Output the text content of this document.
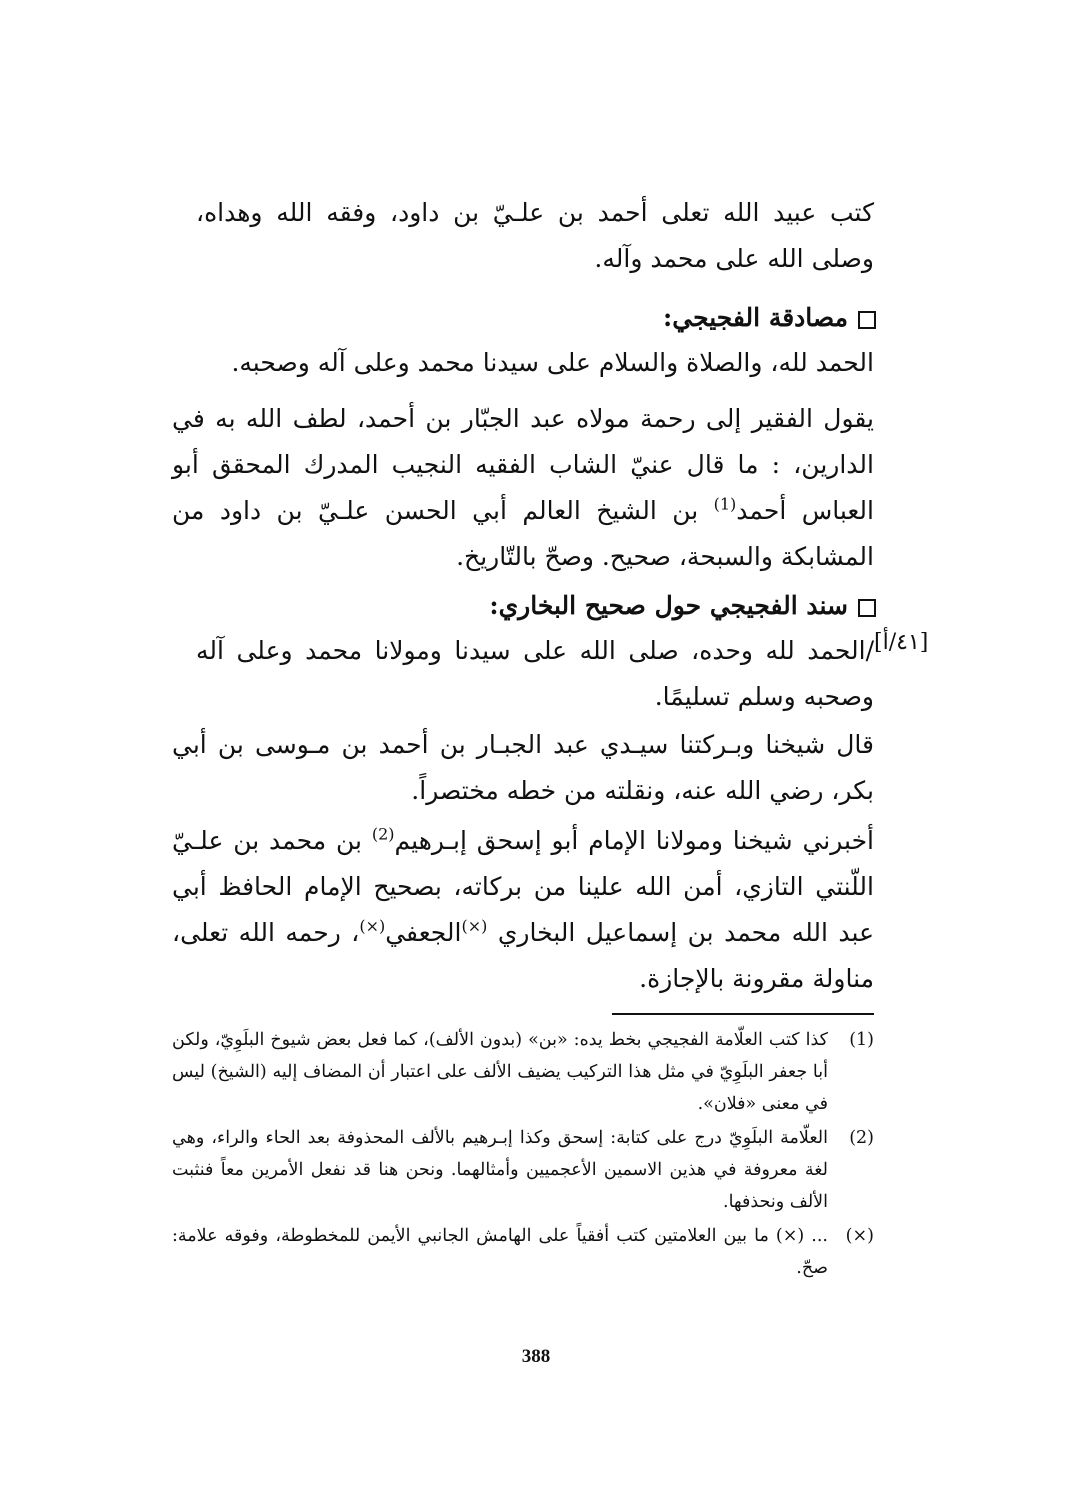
كتب عبيد الله تعلى أحمد بن علـيّ بن داود، وفقه الله وهداه، وصلى الله على محمد وآله.

مصادقة الفجيجي:

الحمد لله، والصلاة والسلام على سيدنا محمد وعلى آله وصحبه.

يقول الفقير إلى رحمة مولاه عبد الجبّار بن أحمد، لطف الله به في الدارين، : ما قال عنيّ الشاب الفقيه النجيب المدرك المحقق أبو العباس أحمد$^{(1)}$ بن الشيخ العالم أبي الحسن علـيّ بن داود من المشابكة والسبحة، صحيح. وصحّ بالتّاريخ.

سند الفجيجي حول صحيح البخاري:
[٤١/أ]

/الحمد لله وحده، صلى الله على سيدنا ومولانا محمد وعلى آله وصحبه وسلم تسليمًا.

قال شيخنا وبـركتنا سيـدي عبد الجبـار بن أحمد بن مـوسى بن أبي بكر، رضي الله عنه، ونقلته من خطه مختصراً.

أخبرني شيخنا ومولانا الإمام أبو إسحق إبـرهيم$^{(2)}$ بن محمد بن علـيّ اللّنتي التازي، أمن الله علينا من بركاته، بصحيح الإمام الحافظ أبي عبد الله محمد بن إسماعيل البخاري (×)الجعفي(×)، رحمه الله تعلى، مناولة مقرونة بالإجازة.

(1)
كذا كتب العلّامة الفجيجي بخط يده: «بن» (بدون الألف)، كما فعل بعض شيوخ البلَوِيّ، ولكن أبا جعفر البلَوِيّ في مثل هذا التركيب يضيف الألف على اعتبار أن المضاف إليه (الشيخ) ليس في معنى «فلان».
(2)
العلّامة البلَوِيّ درج على كتابة: إسحق وكذا إبـرهيم بالألف المحذوفة بعد الحاء والراء، وهي لغة معروفة في هذين الاسمين الأعجميين وأمثالهما. ونحن هنا قد نفعل الأمرين معاً فنثبت الألف ونحذفها.
(×)
... (×) ما بين العلامتين كتب أفقياً على الهامش الجانبي الأيمن للمخطوطة، وفوقه علامة: صحّ.
388
